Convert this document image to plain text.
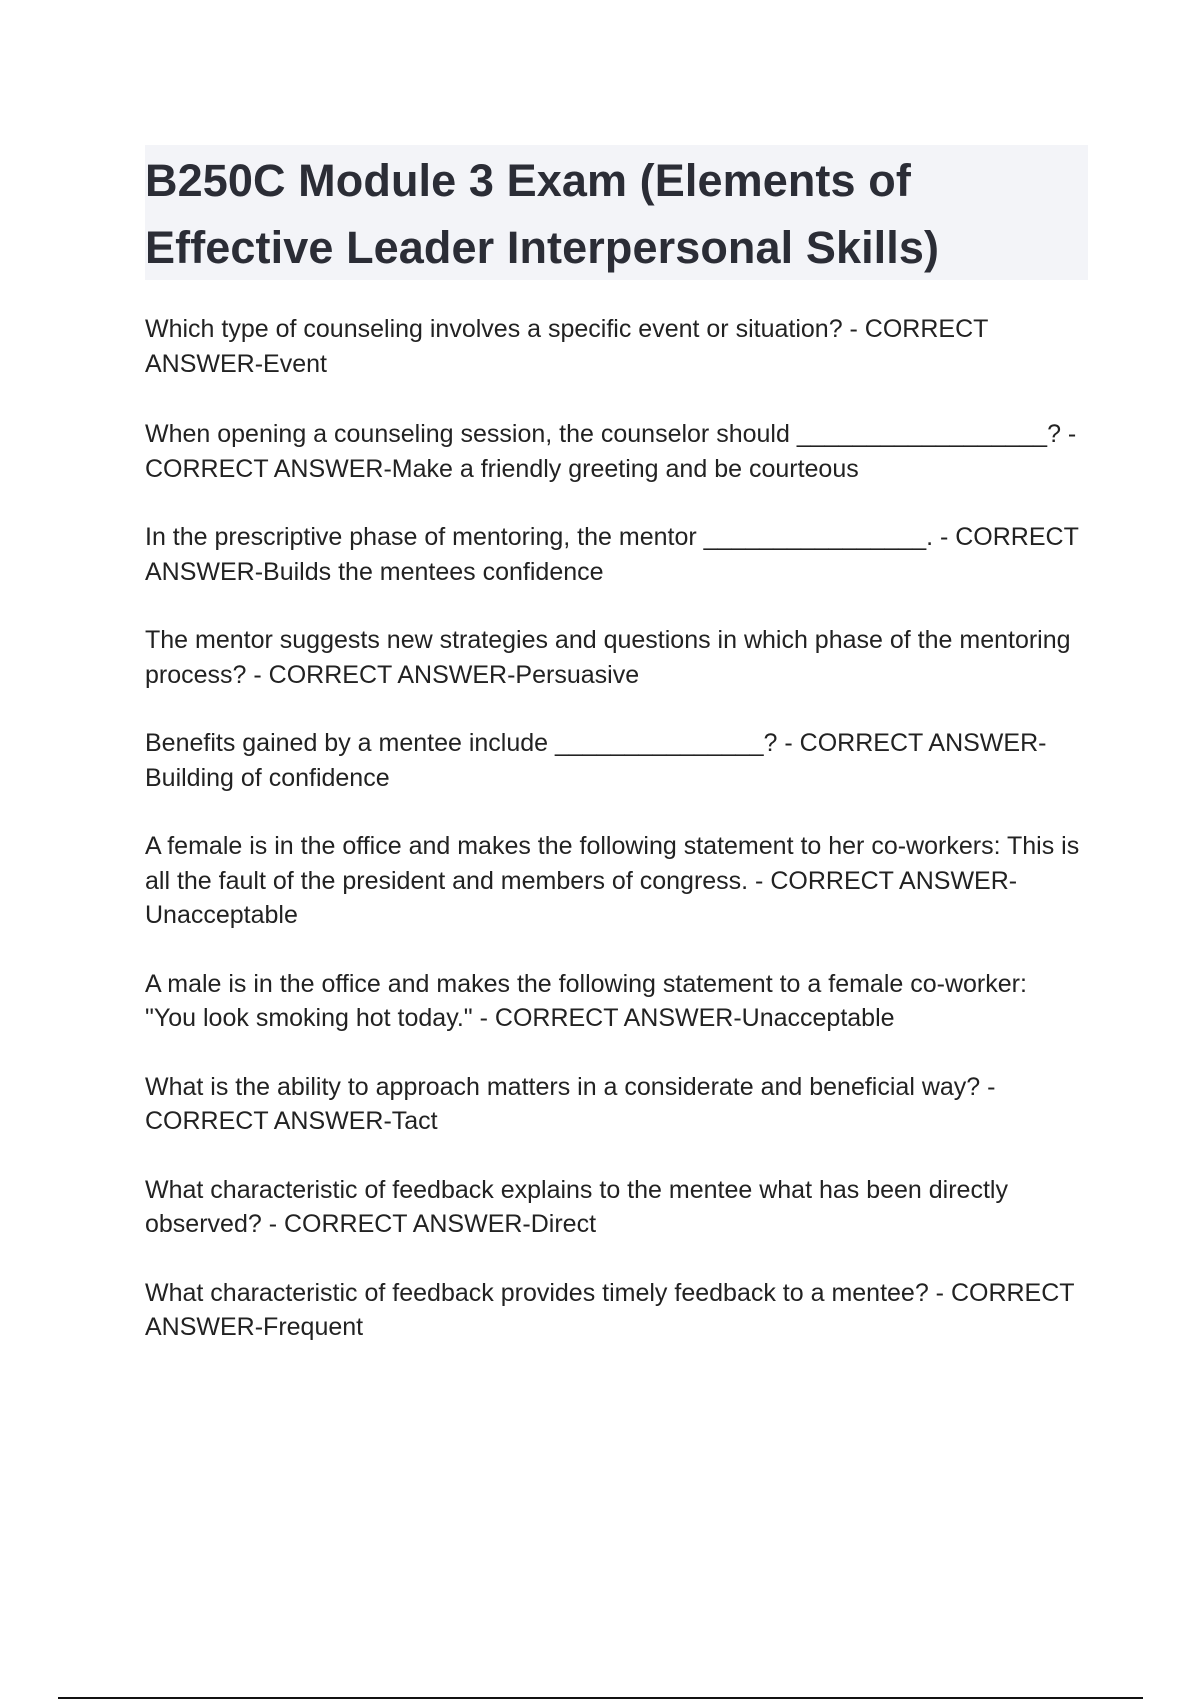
B250C Module 3 Exam (Elements of Effective Leader Interpersonal Skills)
Which type of counseling involves a specific event or situation? - CORRECT ANSWER-Event
When opening a counseling session, the counselor should __________________? - CORRECT ANSWER-Make a friendly greeting and be courteous
In the prescriptive phase of mentoring, the mentor ________________. - CORRECT ANSWER-Builds the mentees confidence
The mentor suggests new strategies and questions in which phase of the mentoring process? - CORRECT ANSWER-Persuasive
Benefits gained by a mentee include _______________? - CORRECT ANSWER-Building of confidence
A female is in the office and makes the following statement to her co-workers: This is all the fault of the president and members of congress. - CORRECT ANSWER-Unacceptable
A male is in the office and makes the following statement to a female co-worker: "You look smoking hot today." - CORRECT ANSWER-Unacceptable
What is the ability to approach matters in a considerate and beneficial way? - CORRECT ANSWER-Tact
What characteristic of feedback explains to the mentee what has been directly observed? - CORRECT ANSWER-Direct
What characteristic of feedback provides timely feedback to a mentee? - CORRECT ANSWER-Frequent
